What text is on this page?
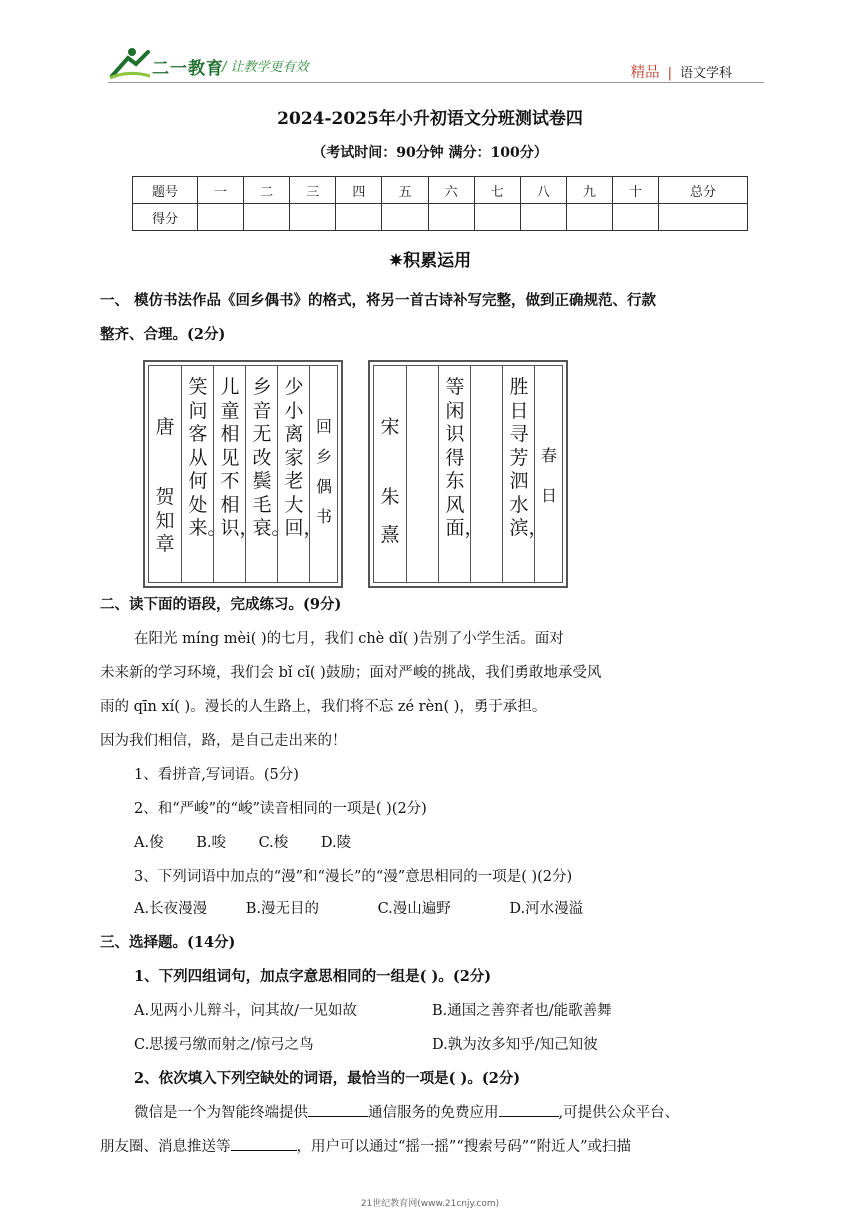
二一教育
/ 让教学更有效	精品 | 语文学科
2024-2025年小升初语文分班测试卷四
（考试时间：90分钟 满分：100分）
题号	一	二	三	四	五	六	七	八	九	十	总分
得分											
✷积累运用
一、 模仿书法作品《回乡偶书》的格式，将另一首古诗补写完整，做到正确规范、行款
整齐、合理。(2分)
唐
贺知章
笑问客从何处来。
儿童相见不相识，
乡音无改鬓毛衰。
少小离家老大回，
回乡偶书
宋
朱熹
等闲识得东风面，
胜日寻芳泗水滨，
春日
二、读下面的语段，完成练习。(9分)
在阳光 míng mèi( )的七月，我们 chè dǐ( )告别了小学生活。面对
未来新的学习环境，我们会 bǐ cǐ( )鼓励；面对严峻的挑战，我们勇敢地承受风
雨的 qīn xí( )。漫长的人生路上，我们将不忘 zé rèn( )，勇于承担。
因为我们相信，路，是自己走出来的！
1、看拼音,写词语。(5分)
2、和“严峻”的“峻”读音相同的一项是( )(2分)
A.俊 B.唆 C.梭 D.陵
3、下列词语中加点的“漫”和“漫长”的“漫”意思相同的一项是( )(2分)
A.长夜漫漫	B.漫无目的	C.漫山遍野	D.河水漫溢
三、选择题。(14分)
1、下列四组词句，加点字意思相同的一组是( )。(2分)
A.见两小儿辩斗，问其故/一见如故	B.通国之善弈者也/能歌善舞
C.思援弓缴而射之/惊弓之鸟	D.孰为汝多知乎/知己知彼
2、依次填入下列空缺处的词语，最恰当的一项是( )。(2分)
微信是一个为智能终端提供	通信服务的免费应用	,可提供公众平台、
朋友圈、消息推送等	，用户可以通过“摇一摇”“搜索号码”“附近人”或扫描
21世纪教育网(www.21cnjy.com)
